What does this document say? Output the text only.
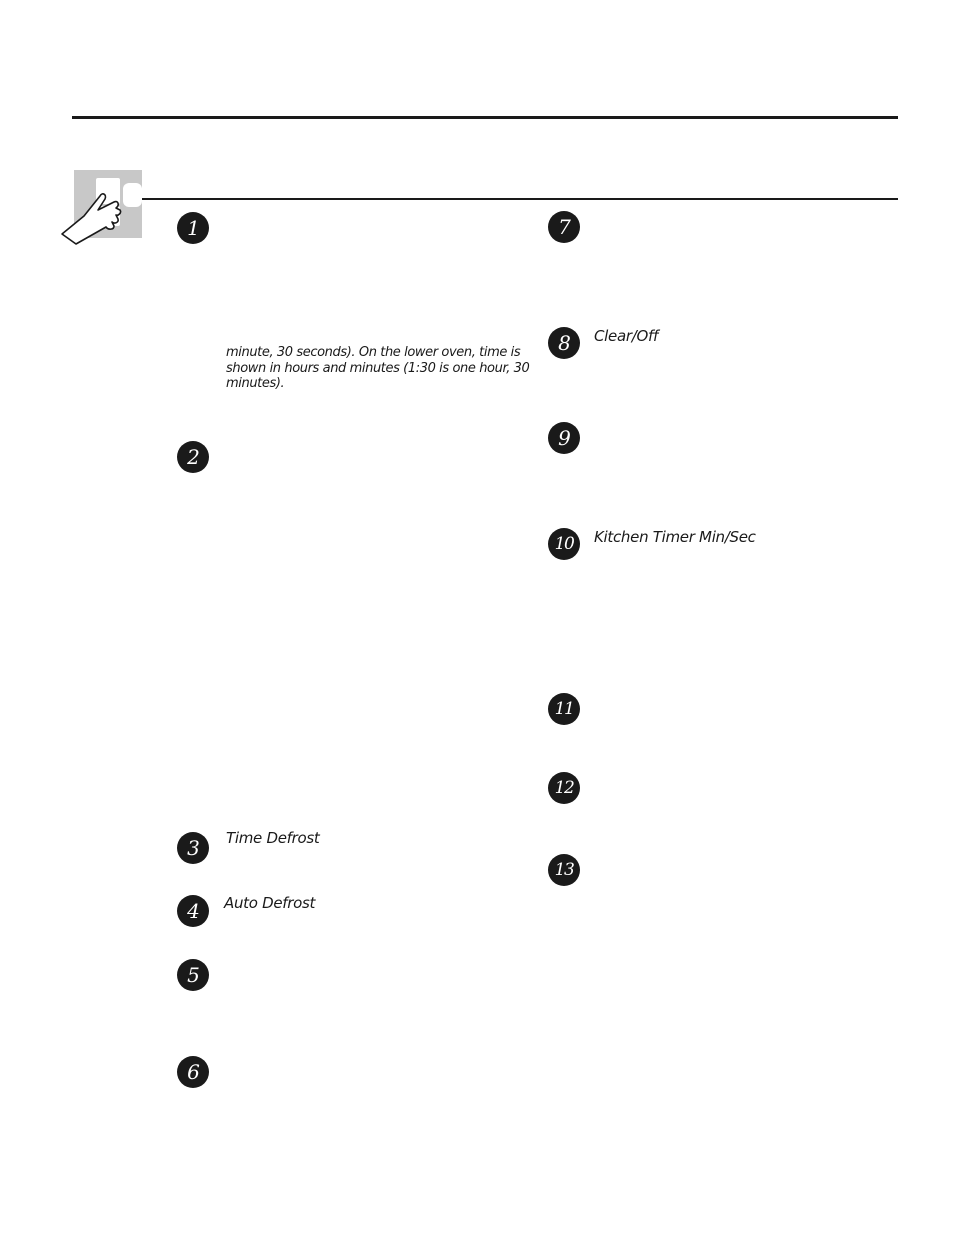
1
2
3
4
5
6
7
8
9
10
11
12
13
minute, 30 seconds). On the lower oven, time is shown in hours and minutes (1:30 is one hour, 30 minutes).
Time Defrost
Auto Defrost
Clear/Off
Kitchen Timer Min/Sec
